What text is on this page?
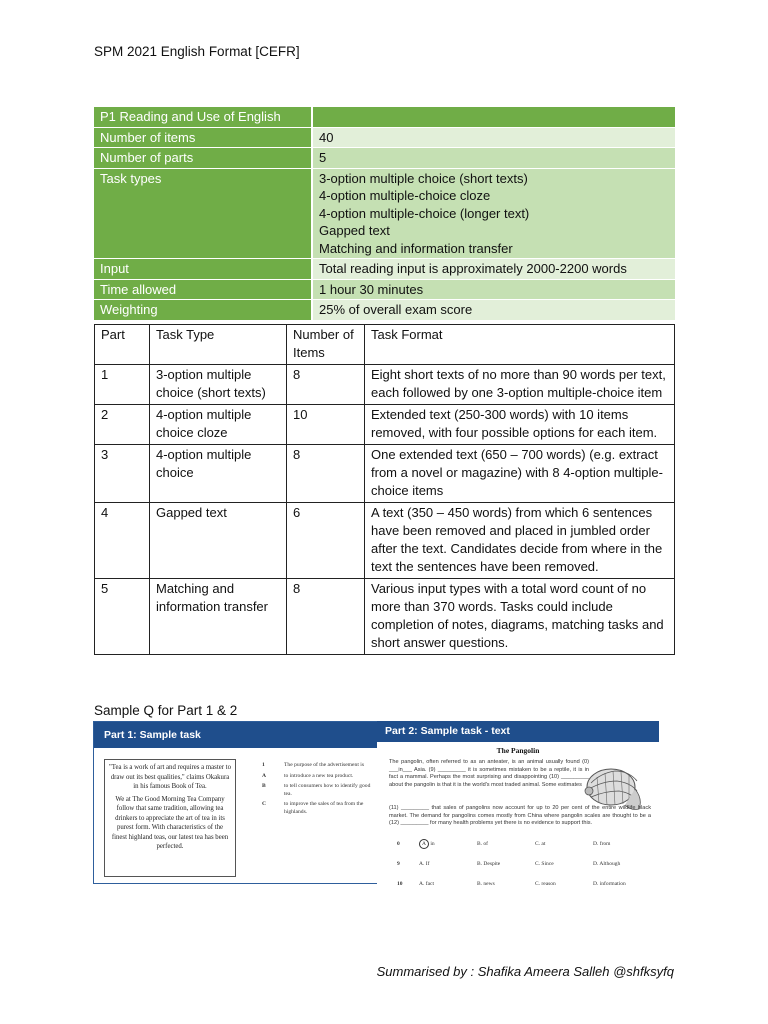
SPM 2021 English Format [CEFR]
P1 Reading and Use of English	
Number of items	40
Number of parts	5
Task types	3-option multiple choice (short texts)
4-option multiple-choice cloze
4-option multiple-choice (longer text)
Gapped text
Matching and information transfer

Input	Total reading input is approximately 2000-2200 words
Time allowed	1 hour 30 minutes
Weighting	25% of overall exam score
Part	Task Type	Number of Items	Task Format
1	3-option multiple choice (short texts)	8	Eight short texts of no more than 90 words per text, each followed by one 3-option multiple-choice item
2	4-option multiple choice cloze	10	Extended text (250-300 words) with 10 items removed, with four possible options for each item.
3	4-option multiple choice	8	One extended text (650 – 700 words) (e.g. extract from a novel or magazine) with 8 4-option multiple-choice items
4	Gapped text	6	A text (350 – 450 words) from which 6 sentences have been removed and placed in jumbled order after the text. Candidates decide from where in the text the sentences have been removed.
5	Matching and information transfer	8	Various input types with a total word count of no more than 370 words. Tasks could include completion of notes, diagrams, matching tasks and short answer questions.
Sample Q for Part 1 & 2
Part 1: Sample task

"Tea is a work of art and requires a master to draw out its best qualities," claims Okakura in his famous Book of Tea.

We at The Good Morning Tea Company follow that same tradition, allowing tea drinkers to appreciate the art of tea in its purest form. With characteristics of the finest highland teas, our latest tea has been perfected.

1	The purpose of the advertisement is
A	to introduce a new tea product.
B	to tell consumers how to identify good tea.
C	to improve the sales of tea from the highlands.
Part 2: Sample task - text
The Pangolin
The pangolin, often referred to as an anteater, is an animal usually found (0) ___in___ Asia. (9) _________ it is sometimes mistaken to be a reptile, it is in fact a mammal. Perhaps the most surprising and disappointing (10) _________ about the pangolin is that it is the world's most traded animal. Some estimates
(11) _________ that sales of pangolins now account for up to 20 per cent of the entire wildlife black market. The demand for pangolins comes mostly from China where pangolin scales are thought to be a (12) _________ for many health problems yet there is no evidence to support this.
0	A in	B. of	C. at	D. from
9	A. If	B. Despite	C. Since	D. Although
10	A. fact	B. news	C. reason	D. information
Summarised by : Shafika Ameera Salleh @shfksyfq
